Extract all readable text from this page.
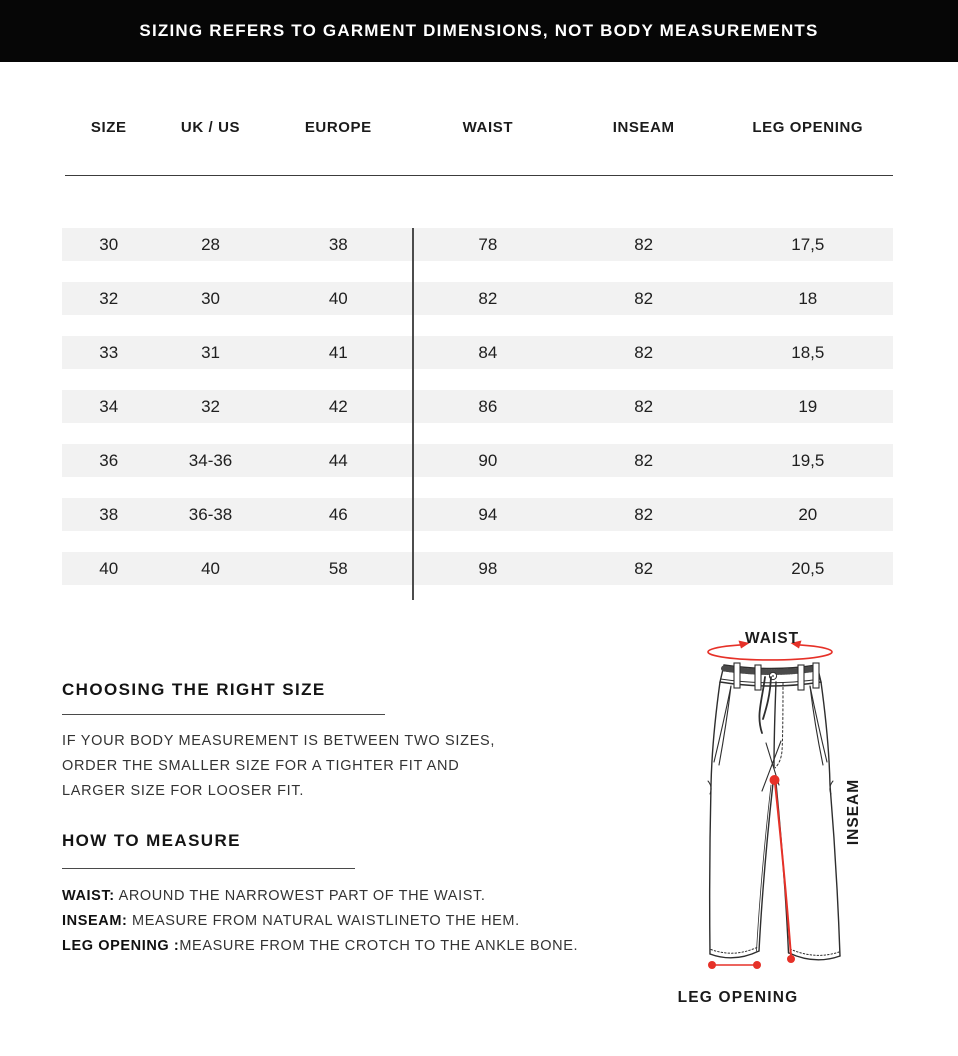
SIZING REFERS TO GARMENT DIMENSIONS, NOT BODY MEASUREMENTS
SIZE	UK / US	EUROPE	WAIST	INSEAM	LEG OPENING
30	28	38	78	82	17,5
32	30	40	82	82	18
33	31	41	84	82	18,5
34	32	42	86	82	19
36	34-36	44	90	82	19,5
38	36-38	46	94	82	20
40	40	58	98	82	20,5
CHOOSING THE RIGHT SIZE
IF YOUR BODY MEASUREMENT IS BETWEEN TWO SIZES,
ORDER THE SMALLER SIZE FOR A TIGHTER FIT AND
LARGER SIZE FOR LOOSER FIT.
HOW TO MEASURE
WAIST: AROUND THE NARROWEST PART OF THE WAIST.
INSEAM: MEASURE FROM NATURAL WAISTLINETO THE HEM.
LEG OPENING :MEASURE FROM THE CROTCH TO THE ANKLE BONE.
WAIST
INSEAM
LEG OPENING
